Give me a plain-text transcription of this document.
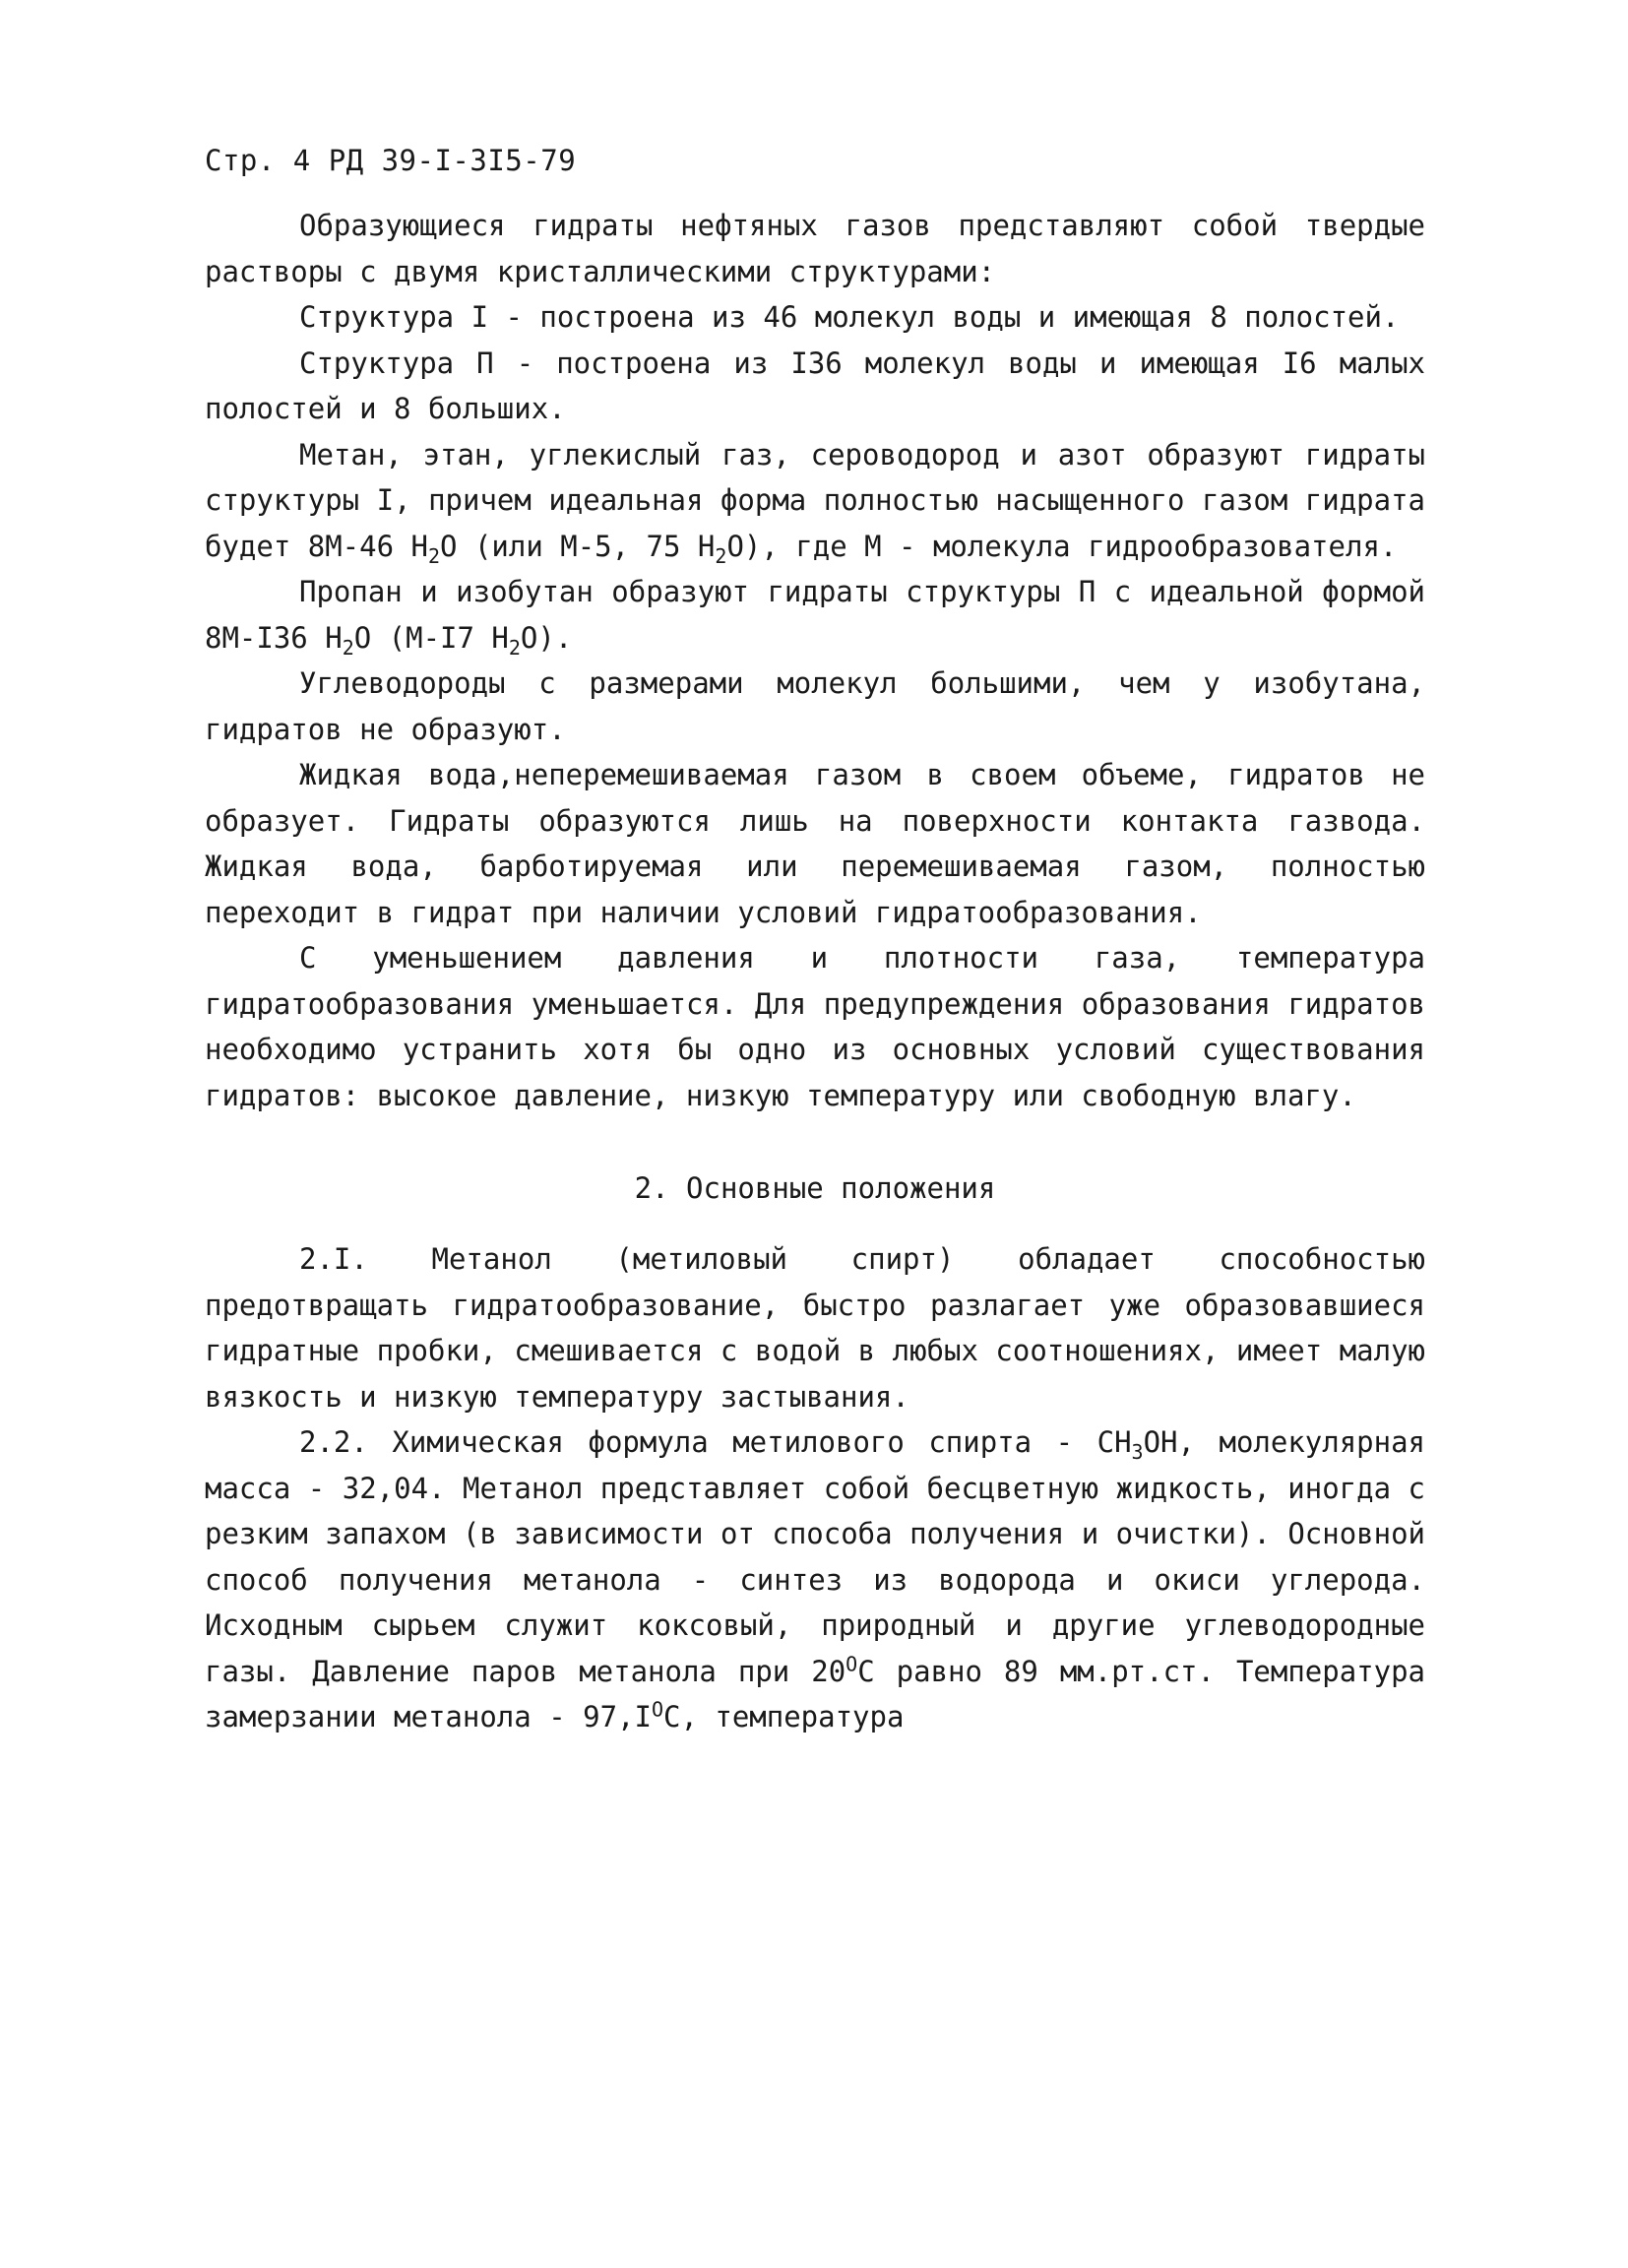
Стр. 4 РД 39-I-3I5-79

Образующиеся гидраты нефтяных газов представляют собой твердые растворы с двумя кристаллическими структурами:

Структура I - построена из 46 молекул воды и имеющая 8 полостей.

Структура П - построена из I36 молекул воды и имеющая I6 малых полостей и 8 больших.

Метан, этан, углекислый газ, сероводород и азот образуют гидраты структуры I, причем идеальная форма полностью насыщенного газом гидрата будет 8М-46 $Н_2О$ (или М-5, 75 $Н_2О$), где М - молекула гидрообразователя.

Пропан и изобутан образуют гидраты структуры П с идеальной формой 8М-I36 $Н_2О$ (М-I7 $Н_2О$).

Углеводороды с размерами молекул большими, чем у изобутана, гидратов не образуют.

Жидкая вода,неперемешиваемая газом в своем объеме, гидратов не образует. Гидраты образуются лишь на поверхности контакта газвода. Жидкая вода, барботируемая или перемешиваемая газом, полностью переходит в гидрат при наличии условий гидратообразования.

С уменьшением давления и плотности газа, температура гидратообразования уменьшается. Для предупреждения образования гидратов необходимо устранить хотя бы одно из основных условий существования гидратов: высокое давление, низкую температуру или свободную влагу.

2. Основные положения

2.I. Метанол (метиловый спирт) обладает способностью предотвращать гидратообразование, быстро разлагает уже образовавшиеся гидратные пробки, смешивается с водой в любых соотношениях, имеет малую вязкость и низкую температуру застывания.

2.2. Химическая формула метилового спирта - $СН_3ОН$, молекулярная масса - 32,04. Метанол представляет собой бесцветную жидкость, иногда с резким запахом (в зависимости от способа получения и очистки). Основной способ получения метанола - синтез из водорода и окиси углерода. Исходным сырьем служит коксовый, природный и другие углеводородные газы. Давление паров метанола при $20^ОС$ равно 89 мм.рт.ст. Температура замерзании метанола - $97,I^ОС$, температура
